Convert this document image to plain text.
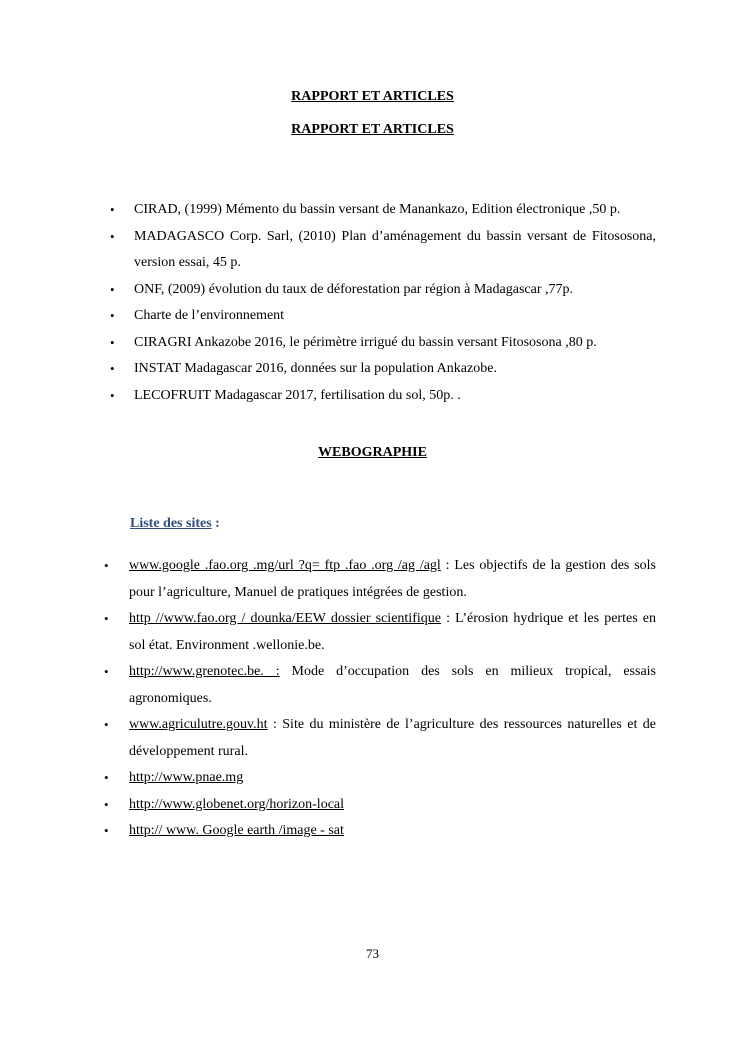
RAPPORT ET ARTICLES
RAPPORT ET ARTICLES
• CIRAD, (1999) Mémento du bassin versant de Manankazo, Edition électronique ,50 p.
• MADAGASCO Corp. Sarl, (2010) Plan d’aménagement du bassin versant de Fitososona, version essai, 45 p.
• ONF, (2009) évolution du taux de déforestation par région à Madagascar ,77p.
• Charte de l’environnement
• CIRAGRI Ankazobe 2016, le périmètre irrigué du bassin versant Fitososona ,80 p.
• INSTAT Madagascar 2016, données sur la population Ankazobe.
• LECOFRUIT Madagascar 2017, fertilisation du sol, 50p. .
WEBOGRAPHIE
Liste des sites :
• www.google .fao.org .mg/url ?q= ftp .fao .org /ag /agl : Les objectifs de la gestion des sols pour l’agriculture, Manuel de pratiques intégrées de gestion.
• http //www.fao.org / dounka/EEW dossier scientifique : L’érosion hydrique et les pertes en sol état. Environment .wellonie.be.
• http://www.grenotec.be. : Mode d’occupation des sols en milieux tropical, essais agronomiques.
• www.agriculutre.gouv.ht : Site du ministère de l’agriculture des ressources naturelles et de développement rural.
• http://www.pnae.mg
• http://www.globenet.org/horizon-local
• http:// www. Google earth /image - sat
73
